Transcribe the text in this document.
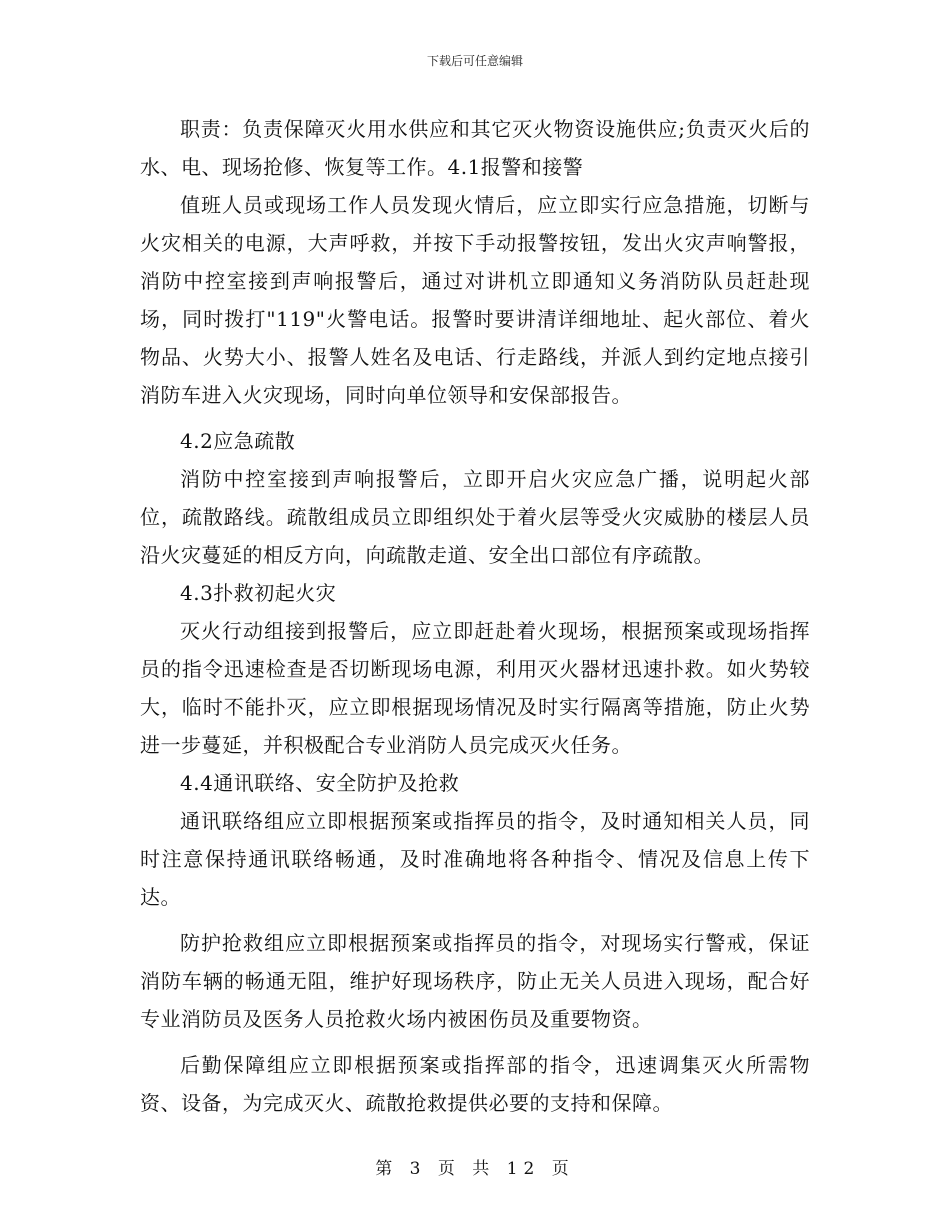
下载后可任意编辑

职责：负责保障灭火用水供应和其它灭火物资设施供应;负责灭火后的水、电、现场抢修、恢复等工作。4.1报警和接警

值班人员或现场工作人员发现火情后，应立即实行应急措施，切断与火灾相关的电源，大声呼救，并按下手动报警按钮，发出火灾声响警报，消防中控室接到声响报警后，通过对讲机立即通知义务消防队员赶赴现场，同时拨打"119"火警电话。报警时要讲清详细地址、起火部位、着火物品、火势大小、报警人姓名及电话、行走路线，并派人到约定地点接引消防车进入火灾现场，同时向单位领导和安保部报告。

4.2应急疏散

消防中控室接到声响报警后，立即开启火灾应急广播，说明起火部位，疏散路线。疏散组成员立即组织处于着火层等受火灾威胁的楼层人员沿火灾蔓延的相反方向，向疏散走道、安全出口部位有序疏散。

4.3扑救初起火灾

灭火行动组接到报警后，应立即赶赴着火现场，根据预案或现场指挥员的指令迅速检查是否切断现场电源，利用灭火器材迅速扑救。如火势较大，临时不能扑灭，应立即根据现场情况及时实行隔离等措施，防止火势进一步蔓延，并积极配合专业消防人员完成灭火任务。

4.4通讯联络、安全防护及抢救

通讯联络组应立即根据预案或指挥员的指令，及时通知相关人员，同时注意保持通讯联络畅通，及时准确地将各种指令、情况及信息上传下达。

防护抢救组应立即根据预案或指挥员的指令，对现场实行警戒，保证消防车辆的畅通无阻，维护好现场秩序，防止无关人员进入现场，配合好专业消防员及医务人员抢救火场内被困伤员及重要物资。

后勤保障组应立即根据预案或指挥部的指令，迅速调集灭火所需物资、设备，为完成灭火、疏散抢救提供必要的支持和保障。

第 3 页 共 12 页
